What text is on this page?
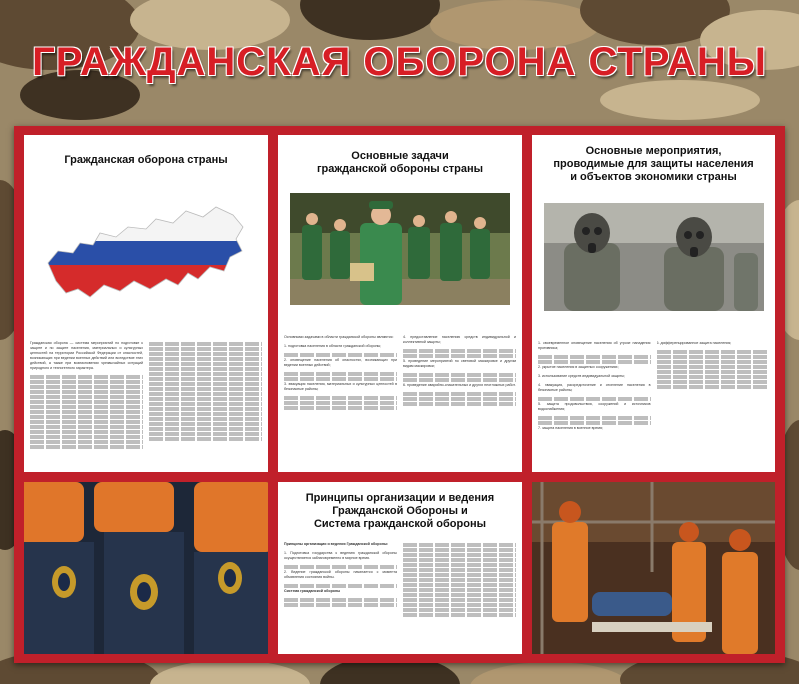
ГРАЖДАНСКАЯ ОБОРОНА СТРАНЫ

Гражданская оборона страны

Гражданская оборона — система мероприятий по подготовке к защите и по защите населения, материальных и культурных ценностей на территории Российской Федерации от опасностей, возникающих при ведении военных действий или вследствие этих действий, а также при возникновении чрезвычайных ситуаций природного и техногенного характера.

Основные задачи
гражданской обороны страны

Основными задачами в области гражданской обороны являются:
1. подготовка населения в области гражданской обороны;
2. оповещение населения об опасностях, возникающих при ведении военных действий;
3. эвакуация населения, материальных и культурных ценностей в безопасные районы;
4. предоставление населению средств индивидуальной и коллективной защиты;
5. проведение мероприятий по световой маскировке и другим видам маскировки;
6. проведение аварийно-спасательных и других неотложных работ.

Основные мероприятия,
проводимые для защиты населения
и объектов экономики страны

1. своевременное оповещение населения об угрозе нападения противника;
2. укрытие населения в защитных сооружениях;
3. использование средств индивидуальной защиты;
4. эвакуация, рассредоточение и отселение населения в безопасные районы;
5. защита продовольствия, сооружений и источников водоснабжения;
7. защита населения в военное время;
6. дифференцированное защита населения;

Принципы организации и ведения
Гражданской Обороны и
Система гражданской обороны

Принципы организации и ведения Гражданской обороны:
1. Подготовка государства к ведению гражданской обороны осуществляется заблаговременно в мирное время.
2. Ведение гражданской обороны начинается с момента объявления состояния войны.
Система гражданской обороны
